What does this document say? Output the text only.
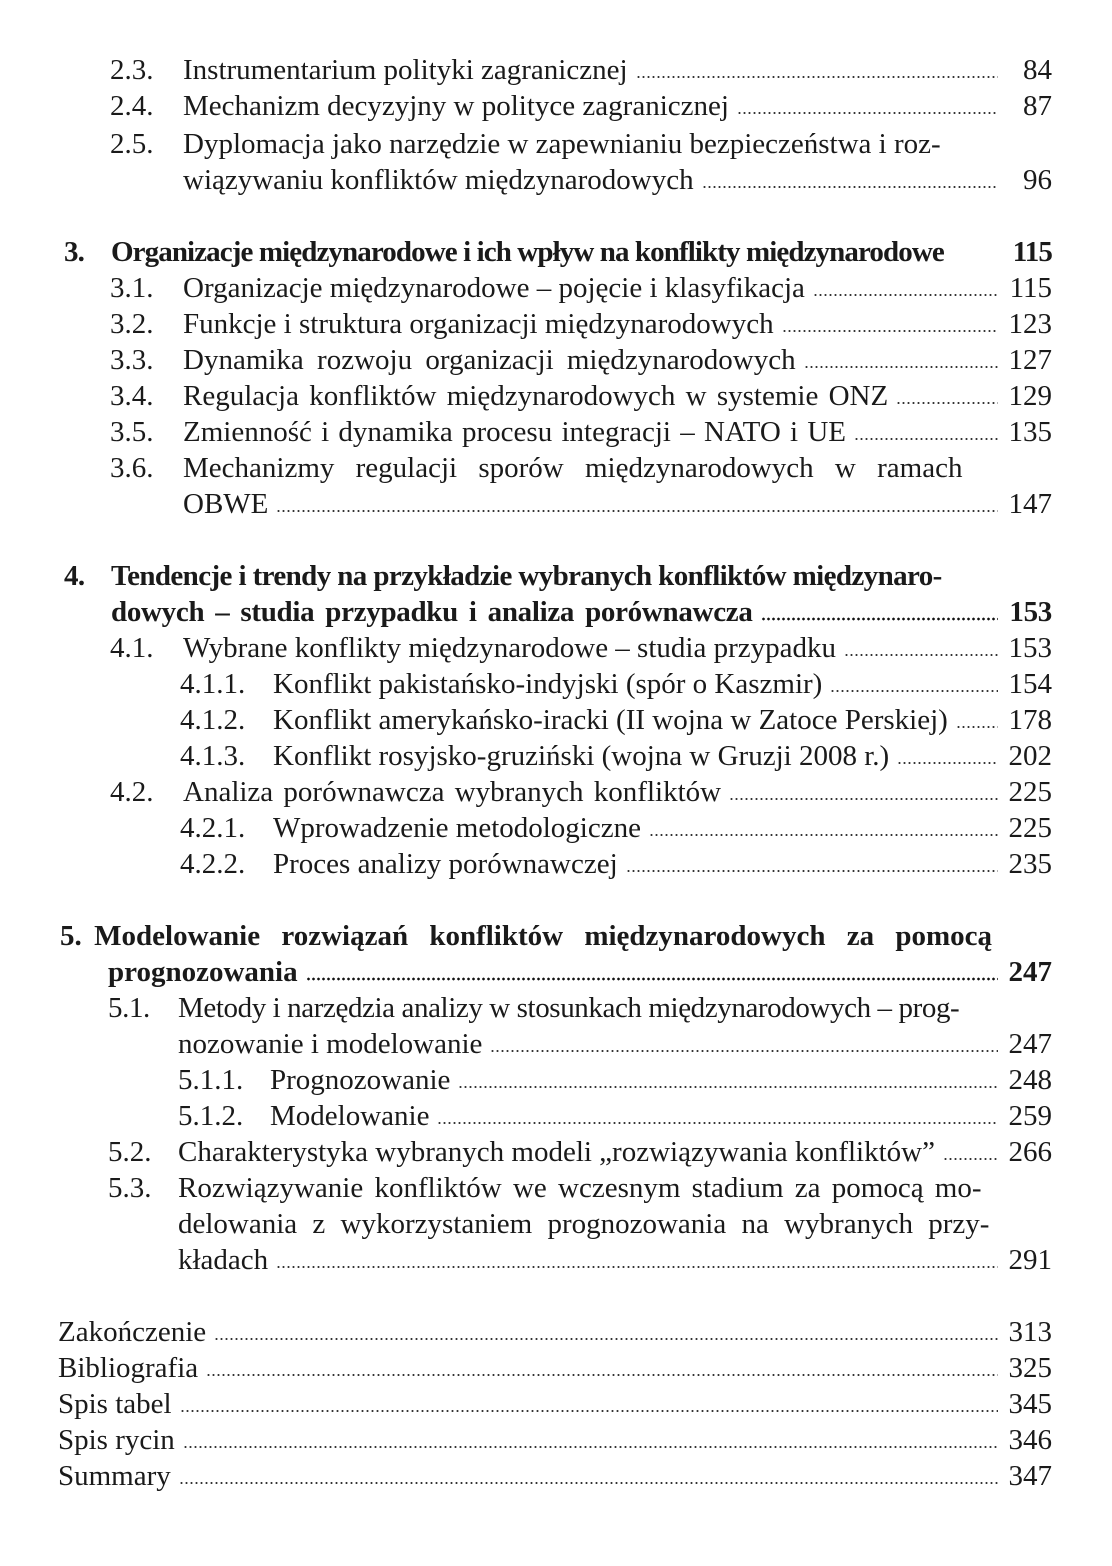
2.3.	Instrumentarium polityki zagranicznej	84
2.4.	Mechanizm decyzyjny w polityce zagranicznej	87
2.5.	Dyplomacja jako narzędzie w zapewnianiu bezpieczeństwa i roz-
wiązywaniu konfliktów międzynarodowych	96
3. Organizacje międzynarodowe i ich wpływ na konflikty międzynarodowe 115
3.1.	Organizacje międzynarodowe – pojęcie i klasyfikacja	115
3.2.	Funkcje i struktura organizacji międzynarodowych	123
3.3.	Dynamika rozwoju organizacji międzynarodowych	127
3.4.	Regulacja konfliktów międzynarodowych w systemie ONZ	129
3.5.	Zmienność i dynamika procesu integracji – NATO i UE	135
3.6.	Mechanizmy regulacji sporów międzynarodowych w ramach
OBWE	147
4. Tendencje i trendy na przykładzie wybranych konfliktów międzynaro-
dowych – studia przypadku i analiza porównawcza	153
4.1.	Wybrane konflikty międzynarodowe – studia przypadku	153
4.1.1. Konflikt pakistańsko-indyjski (spór o Kaszmir)	154
4.1.2. Konflikt amerykańsko-iracki (II wojna w Zatoce Perskiej) 178
4.1.3. Konflikt rosyjsko-gruziński (wojna w Gruzji 2008 r.)	202
4.2.	Analiza porównawcza wybranych konfliktów	225
4.2.1. Wprowadzenie metodologiczne	225
4.2.2. Proces analizy porównawczej	235
5. Modelowanie rozwiązań konfliktów międzynarodowych za pomocą
prognozowania	247
5.1. Metody i narzędzia analizy w stosunkach międzynarodowych – prog-
nozowanie i modelowanie	247
5.1.1. Prognozowanie	248
5.1.2. Modelowanie	259
5.2. Charakterystyka wybranych modeli „rozwiązywania konfliktów”	266
5.3. Rozwiązywanie konfliktów we wczesnym stadium za pomocą mo-
delowania z wykorzystaniem prognozowania na wybranych przy-
kładach	291
Zakończenie	313
Bibliografia	325
Spis tabel	345
Spis rycin	346
Summary	347
